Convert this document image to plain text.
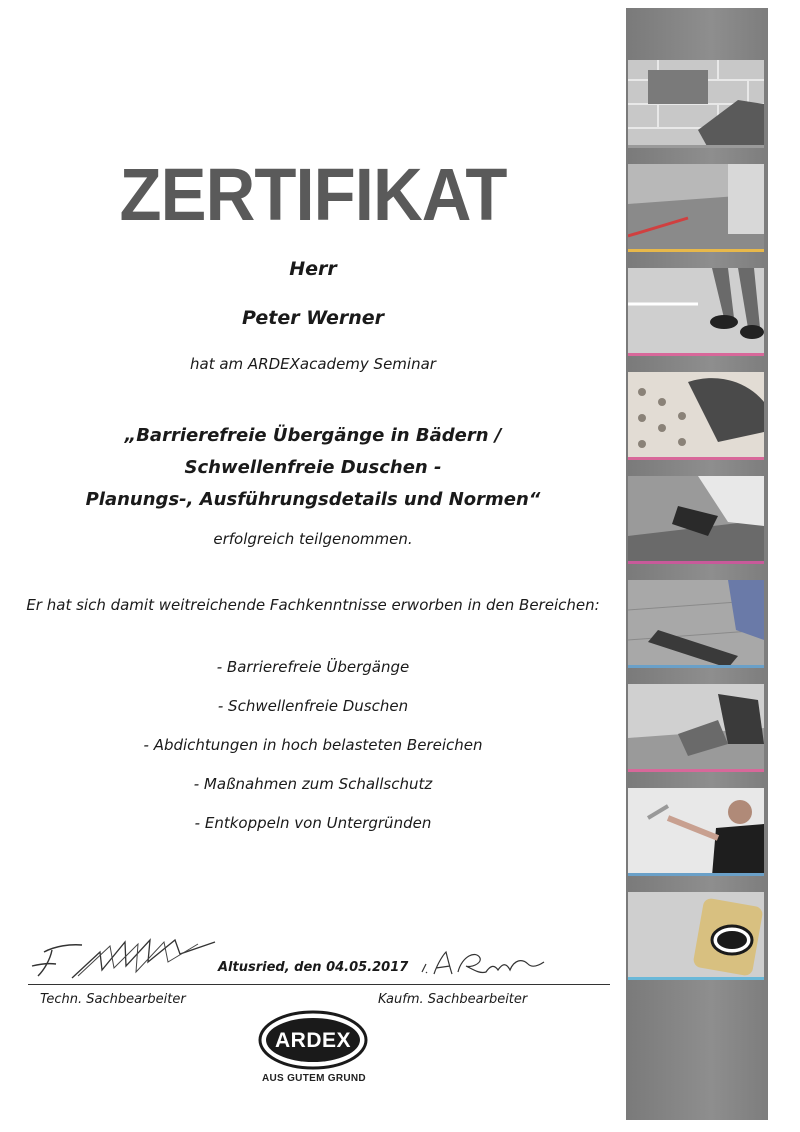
ZERTIFIKAT
Herr
Peter Werner
hat am ARDEXacademy Seminar
„Barrierefreie Übergänge in Bädern /
Schwellenfreie Duschen -
Planungs-, Ausführungsdetails und Normen“
erfolgreich teilgenommen.
Er hat sich damit weitreichende Fachkenntnisse erworben in den Bereichen:
- Barrierefreie Übergänge
- Schwellenfreie Duschen
- Abdichtungen in hoch belasteten Bereichen
- Maßnahmen zum Schallschutz
- Entkoppeln von Untergründen
Altusried, den 04.05.2017
Techn. Sachbearbeiter	Kaufm. Sachbearbeiter
ARDEX
AUS GUTEM GRUND
